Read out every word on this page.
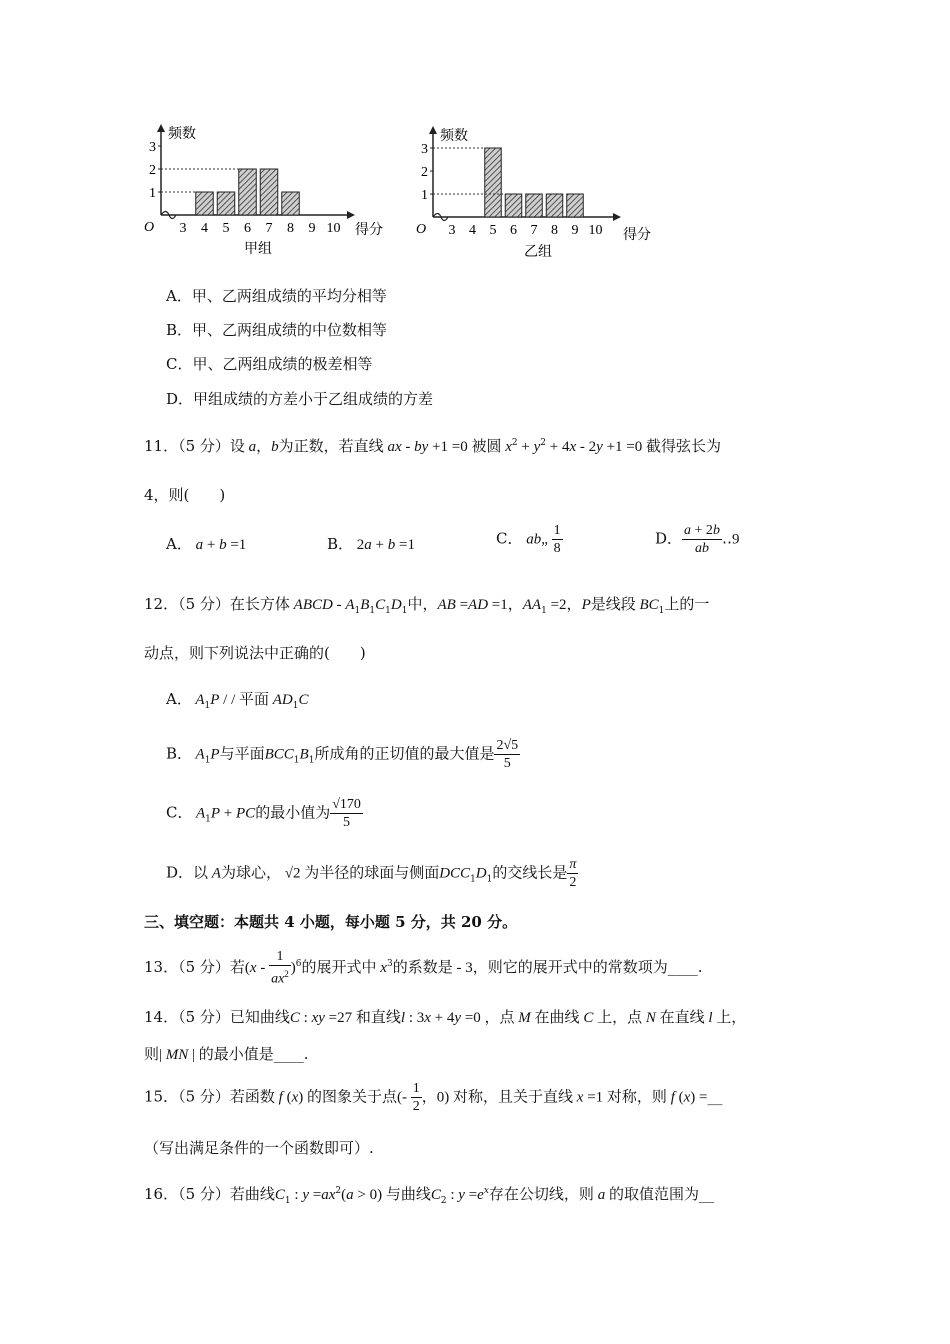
频数
O	得分
甲组
1
2
3
3 4 5 6 7 8 9 10
频数
O	得分
乙组
1
2
3
3 4 5 6 7 8 9 10
A．甲、乙两组成绩的平均分相等
B．甲、乙两组成绩的中位数相等
C．甲、乙两组成绩的极差相等
D．甲组成绩的方差小于乙组成绩的方差
11．（5 分）设 a，b为正数，若直线 ax - by +1 =0 被圆 $x^2 + y^2 + 4x - 2y +1 =0$ 截得弦长为
4，则(　　)
A． a + b =1	B． 2a + b =1	C． ab„ $\frac{1}{8}$	D． $\frac{a + 2b}{ab}$ ‥9
12．（5 分）在长方体 ABCD - $A_1B_1C_1D_1$中，AB =AD =1，$AA_1 =2$，P是线段 $BC_1$上的一
动点，则下列说法中正确的(　　)
A． $A_1P$ / / 平面 $AD_1C$
B． $A_1P$与平面$BCC_1B_1$所成角的正切值的最大值是 $\frac{2√5}{5}$
C． $A_1P$ + PC的最小值为 $\frac{√170}{5}$
D．以 A为球心， √2 为半径的球面与侧面$DCC_1D_1$的交线长是 $\frac{\pi}{2}$
三、填空题：本题共 4 小题，每小题 5 分，共 20 分。
13．（5 分）若$(x - \frac{1}{ax^2} )^6$的展开式中 $x^3$的系数是 - 3，则它的展开式中的常数项为____.
14．（5 分）已知曲线C : xy =27 和直线l : 3x + 4y =0 ，点 M 在曲线 C 上，点 N 在直线 l 上，
则| MN | 的最小值是____.
15．（5 分）若函数 f (x) 的图象关于点(- $\frac{1}{2}$ ，0) 对称，且关于直线 x =1 对称，则 f (x) =__
（写出满足条件的一个函数即可）.
16．（5 分）若曲线$C_1$ : $y =ax^2(a > 0)$ 与曲线$C_2$ : $y =e^x$存在公切线，则 a 的取值范围为__
